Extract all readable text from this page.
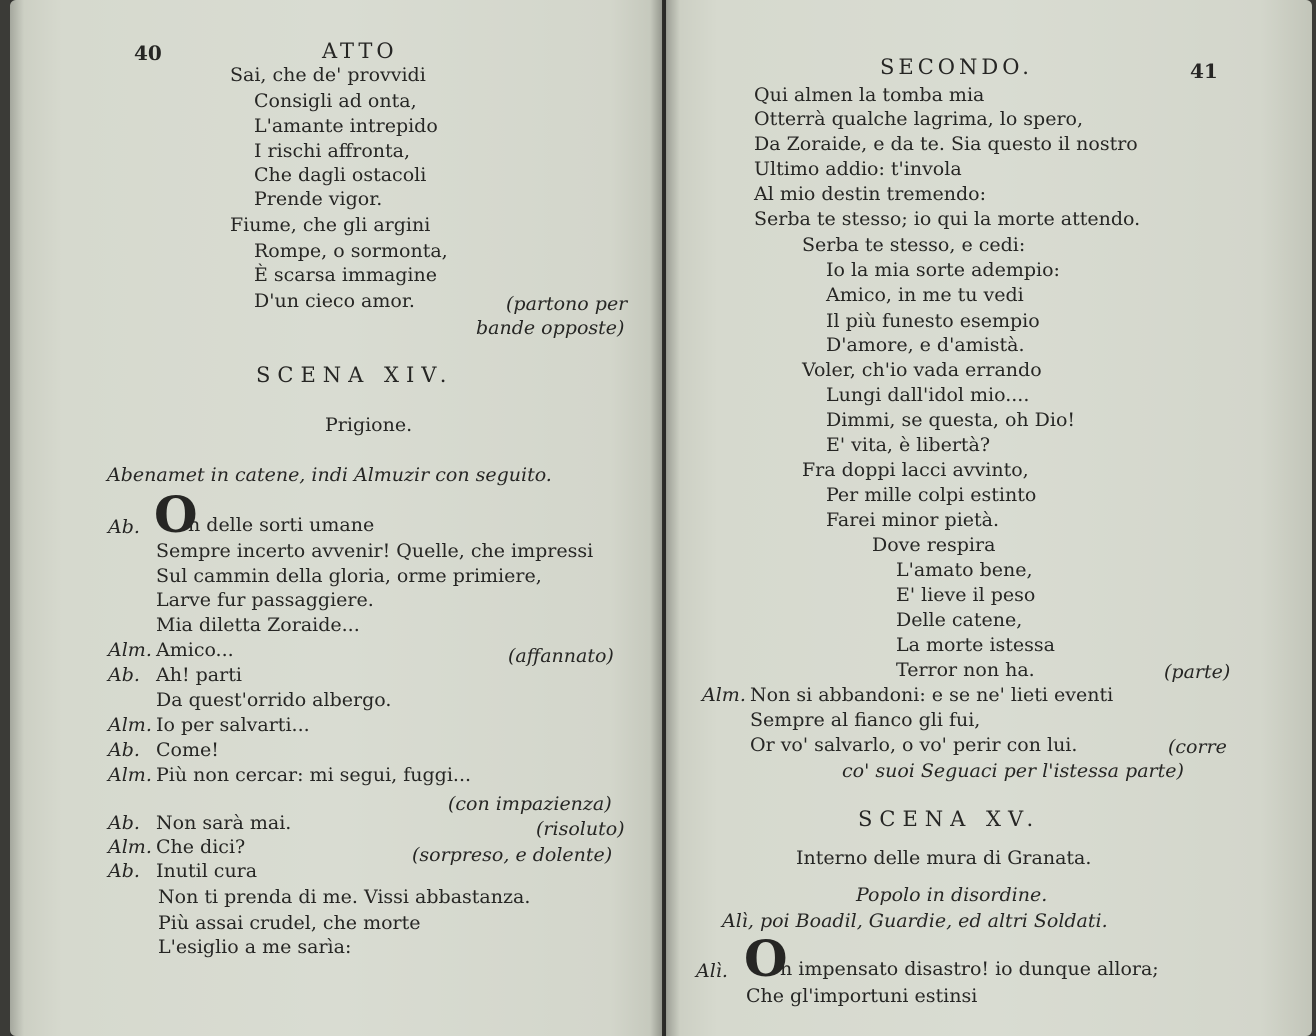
40	ATTO
Sai, che de' provvidi
Consigli ad onta,
L'amante intrepido
I rischi affronta,
Che dagli ostacoli
Prende vigor.
Fiume, che gli argini
Rompe, o sormonta,
È scarsa immagine
D'un cieco amor.	(partono per
bande opposte)
SCENA XIV.
Prigione.
Abenamet in catene, indi Almuzir con seguito.
Ab. O
h delle sorti umane
Sempre incerto avvenir! Quelle, che impressi
Sul cammin della gloria, orme primiere,
Larve fur passaggiere.
Mia diletta Zoraide...
Alm. Amico...	(affannato)
Ab. Ah! parti
Da quest'orrido albergo.
Alm. Io per salvarti...
Ab. Come!
Alm. Più non cercar: mi segui, fuggi...
(con impazienza)
Ab. Non sarà mai.	(risoluto)
Alm. Che dici?	(sorpreso, e dolente)
Ab. Inutil cura
Non ti prenda di me. Vissi abbastanza.
Più assai crudel, che morte
L'esiglio a me sarìa:
SECONDO.	41
Qui almen la tomba mia
Otterrà qualche lagrima, lo spero,
Da Zoraide, e da te. Sia questo il nostro
Ultimo addio: t'invola
Al mio destin tremendo:
Serba te stesso; io qui la morte attendo.
Serba te stesso, e cedi:
Io la mia sorte adempio:
Amico, in me tu vedi
Il più funesto esempio
D'amore, e d'amistà.
Voler, ch'io vada errando
Lungi dall'idol mio....
Dimmi, se questa, oh Dio!
E' vita, è libertà?
Fra doppi lacci avvinto,
Per mille colpi estinto
Farei minor pietà.
Dove respira
L'amato bene,
E' lieve il peso
Delle catene,
La morte istessa
Terror non ha.	(parte)
Alm. Non si abbandoni: e se ne' lieti eventi
Sempre al fianco gli fui,
Or vo' salvarlo, o vo' perir con lui.	(corre
co' suoi Seguaci per l'istessa parte)
SCENA XV.
Interno delle mura di Granata.
Popolo in disordine.
Alì, poi Boadil, Guardie, ed altri Soldati.
Alì. O
h impensato disastro! io dunque allora;
Che gl'importuni estinsi
